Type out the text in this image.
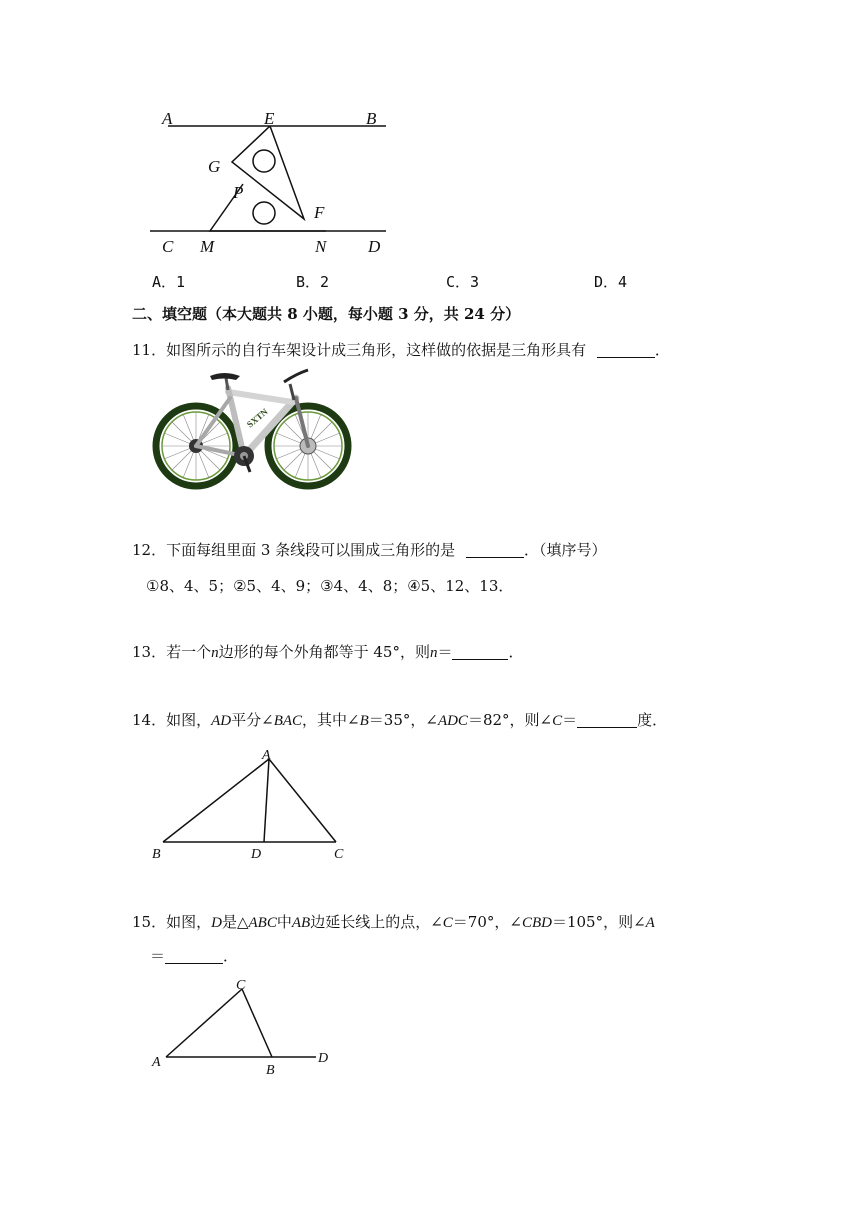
A	E	B
G
P
F
C M	N D
A．1	B．2	C．3	D．4
二、填空题（本大题共 8 小题，每小题 3 分，共 24 分）
11．如图所示的自行车架设计成三角形，这样做的依据是三角形具有	．
SXTN
12．下面每组里面 3 条线段可以围成三角形的是	．（填序号）
①8、4、5；②5、4、9；③4、4、8；④5、12、13．
13．若一个n边形的每个外角都等于 45°，则n＝	．
14．如图，AD平分∠BAC，其中∠B＝35°，∠ADC＝82°，则∠C＝	度．
A
B	D	C
15．如图，D是△ABC中AB边延长线上的点，∠C＝70°，∠CBD＝105°，则∠A
＝	．
A
C
B
D
